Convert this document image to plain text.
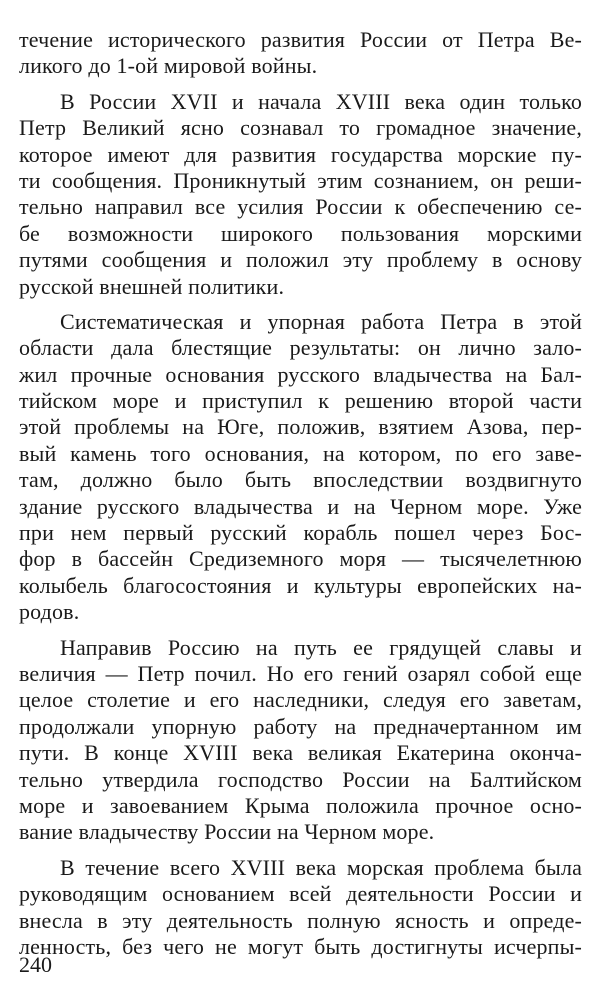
течение исторического развития России от Петра Ве-
ликого до 1-ой мировой войны.

В России XVII и начала XVIII века один только
Петр Великий ясно сознавал то громадное значение,
которое имеют для развития государства морские пу-
ти сообщения. Проникнутый этим сознанием, он реши-
тельно направил все усилия России к обеспечению се-
бе возможности широкого пользования морскими
путями сообщения и положил эту проблему в основу
русской внешней политики.

Систематическая и упорная работа Петра в этой
области дала блестящие результаты: он лично зало-
жил прочные основания русского владычества на Бал-
тийском море и приступил к решению второй части
этой проблемы на Юге, положив, взятием Азова, пер-
вый камень того основания, на котором, по его заве-
там, должно было быть впоследствии воздвигнуто
здание русского владычества и на Черном море. Уже
при нем первый русский корабль пошел через Бос-
фор в бассейн Средиземного моря — тысячелетнюю
колыбель благосостояния и культуры европейских на-
родов.

Направив Россию на путь ее грядущей славы и
величия — Петр почил. Но его гений озарял собой еще
целое столетие и его наследники, следуя его заветам,
продолжали упорную работу на предначертанном им
пути. В конце XVIII века великая Екатерина оконча-
тельно утвердила господство России на Балтийском
море и завоеванием Крыма положила прочное осно-
вание владычеству России на Черном море.

В течение всего XVIII века морская проблема была
руководящим основанием всей деятельности России и
внесла в эту деятельность полную ясность и опреде-
ленность, без чего не могут быть достигнуты исчерпы-

240
